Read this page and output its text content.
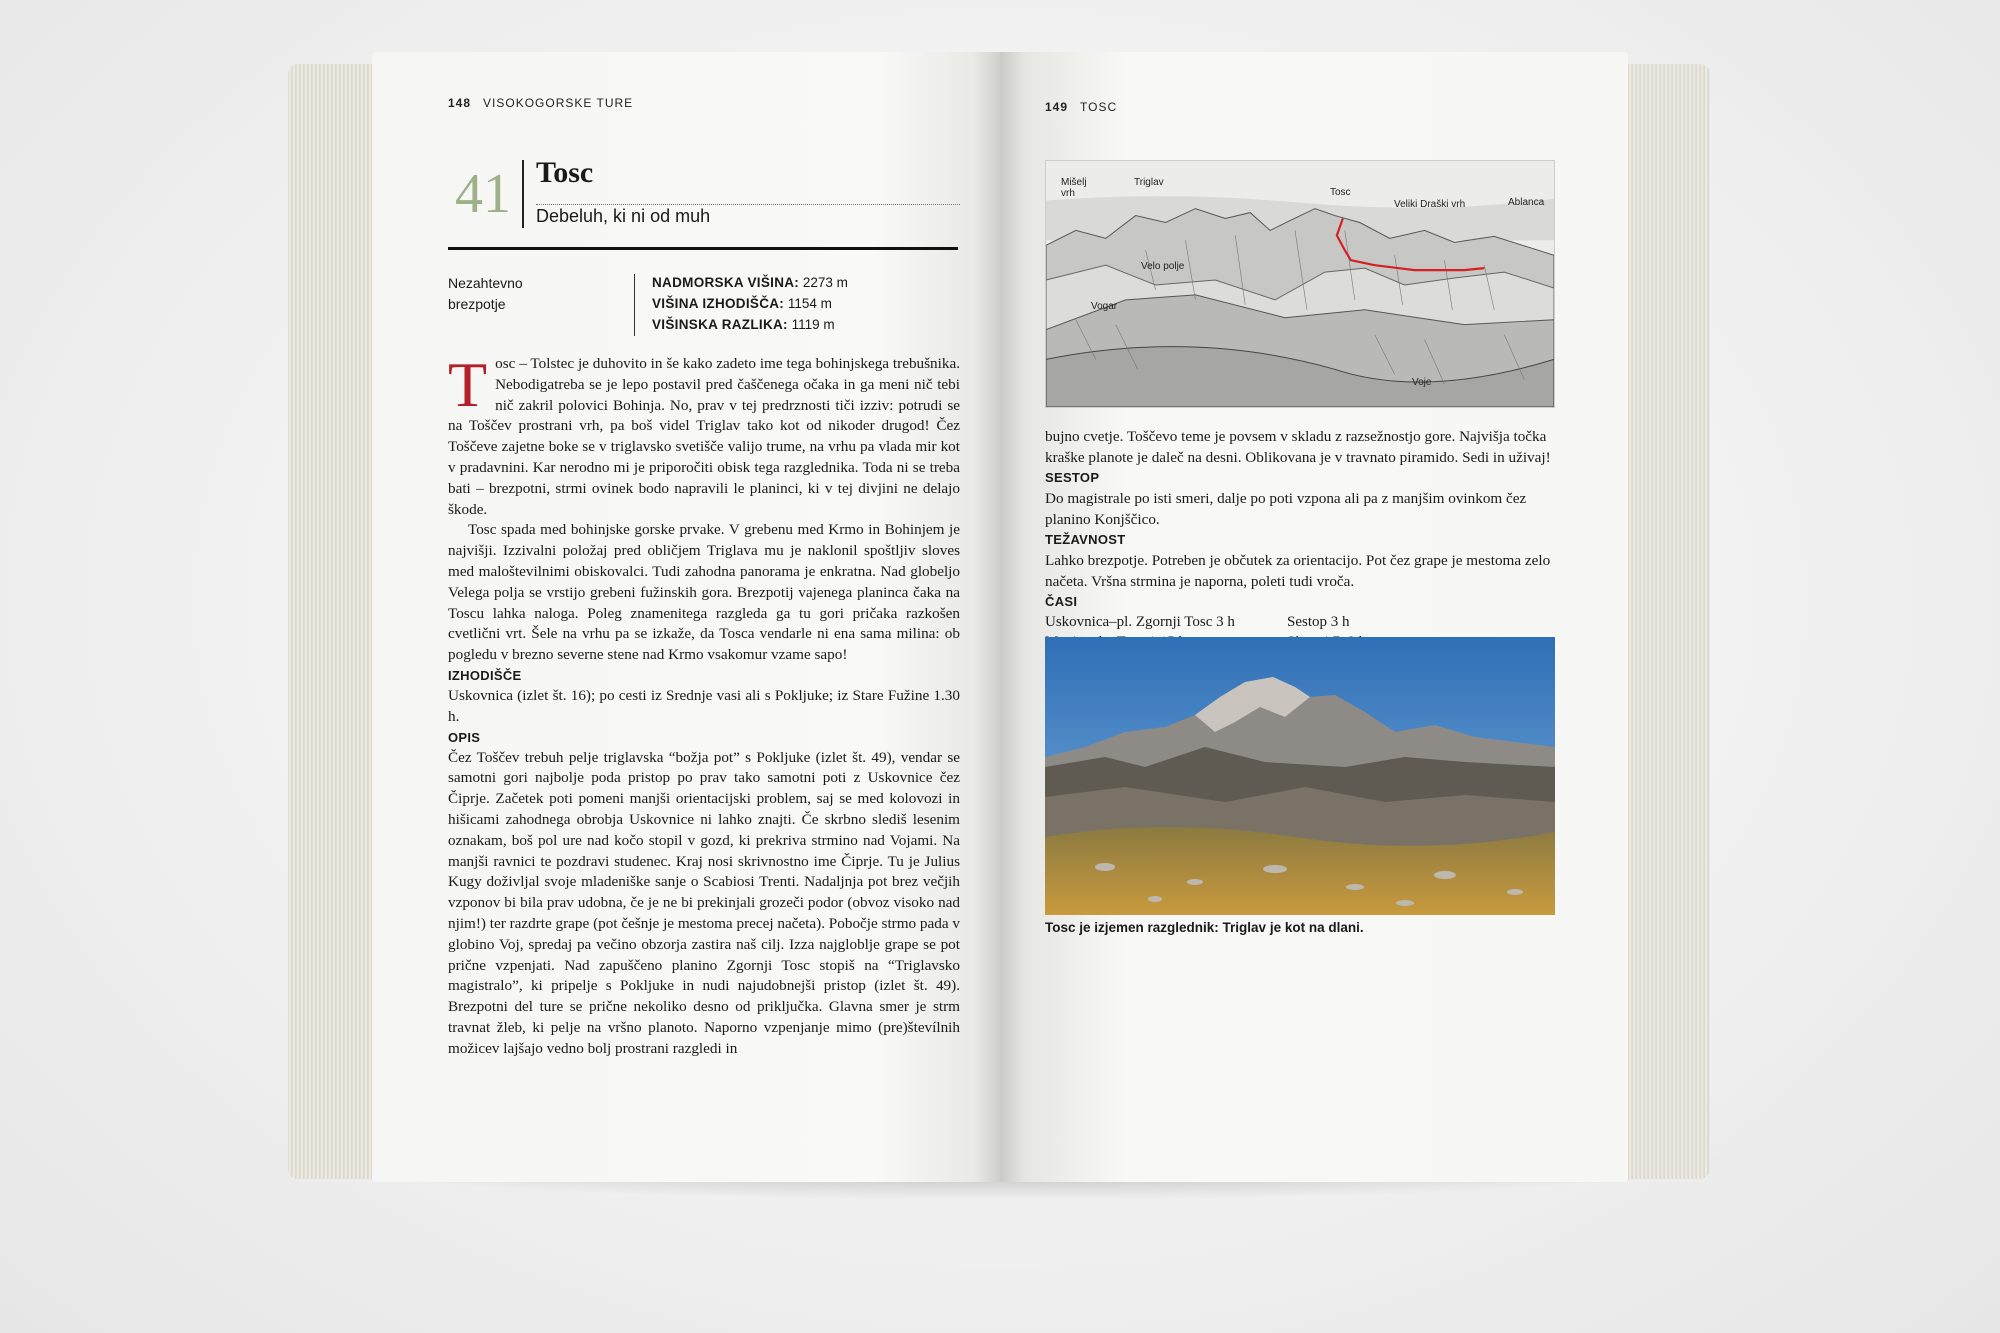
148 VISOKOGORSKE TURE
41 Tosc
Debeluh, ki ni od muh
Nezahtevno
brezpotje
NADMORSKA VIŠINA: 2273 m
VIŠINA IZHODIŠČA: 1154 m
VIŠINSKA RAZLIKA: 1119 m

Tosc – Tolstec je duhovito in še kako zadeto ime tega bohinjskega trebušnika. Nebodigatreba se je lepo postavil pred čaščenega očaka in ga meni nič tebi nič zakril polovici Bohinja. No, prav v tej predrznosti tiči izziv: potrudi se na Toščev prostrani vrh, pa boš videl Triglav tako kot od nikoder drugod! Čez Toščeve zajetne boke se v triglavsko svetišče valijo trume, na vrhu pa vlada mir kot v pradavnini. Kar nerodno mi je priporočiti obisk tega razglednika. Toda ni se treba bati – brezpotni, strmi ovinek bodo napravili le planinci, ki v tej divjini ne delajo škode.

Tosc spada med bohinjske gorske prvake. V grebenu med Krmo in Bohinjem je najvišji. Izzivalni položaj pred obličjem Triglava mu je naklonil spoštljiv sloves med maloštevilnimi obiskovalci. Tudi zahodna panorama je enkratna. Nad globeljo Velega polja se vrstijo grebeni fužinskih gora. Brezpotij vajenega planinca čaka na Toscu lahka naloga. Poleg znamenitega razgleda ga tu gori pričaka razkošen cvetlični vrt. Šele na vrhu pa se izkaže, da Tosca vendarle ni ena sama milina: ob pogledu v brezno severne stene nad Krmo vsakomur vzame sapo!

IZHODIŠČE

Uskovnica (izlet št. 16); po cesti iz Srednje vasi ali s Pokljuke; iz Stare Fužine 1.30 h.

OPIS

Čez Toščev trebuh pelje triglavska “božja pot” s Pokljuke (izlet št. 49), vendar se samotni gori najbolje poda pristop po prav tako samotni poti z Uskovnice čez Čiprje. Začetek poti pomeni manjši orientacijski problem, saj se med kolovozi in hišicami zahodnega obrobja Uskovnice ni lahko znajti. Če skrbno slediš lesenim oznakam, boš pol ure nad kočo stopil v gozd, ki prekriva strmino nad Vojami. Na manjši ravnici te pozdravi studenec. Kraj nosi skrivnostno ime Čiprje. Tu je Julius Kugy doživljal svoje mladeniške sanje o Scabiosi Trenti. Nadaljnja pot brez večjih vzponov bi bila prav udobna, če je ne bi prekinjali grozeči podor (obvoz visoko nad njim!) ter razdrte grape (pot češnje je mestoma precej načeta). Pobočje strmo pada v globino Voj, spredaj pa večino obzorja zastira naš cilj. Izza najgloblje grape se pot prične vzpenjati. Nad zapuščeno planino Zgornji Tosc stopiš na “Triglavsko magistralo”, ki pripelje s Pokljuke in nudi najudobnejši pristop (izlet št. 49). Brezpotni del ture se prične nekoliko desno od priključka. Glavna smer je strm travnat žleb, ki pelje na vršno planoto. Naporno vzpenjanje mimo (pre)števílnih možicev lajšajo vedno bolj prostrani razgledi in

149 TOSC
Mišelj vrh
Triglav
Tosc
Veliki Draški vrh	Ablanca
Velo polje
Vogar
Voje

bujno cvetje. Toščevo teme je povsem v skladu z razsežnostjo gore. Najvišja točka kraške planote je daleč na desni. Oblikovana je v travnato piramido. Sedi in uživaj!

SESTOP

Do magistrale po isti smeri, dalje po poti vzpona ali pa z manjšim ovinkom čez planino Konjščico.

TEŽAVNOST

Lahko brezpotje. Potreben je občutek za orientacijo. Pot čez grape je mestoma zelo načeta. Vršna strmina je naporna, poleti tudi vroča.

ČASI
Uskovnica–pl. Zgornji Tosc 3 h	Sestop 3 h
Tosc je izjemen razglednik: Triglav je kot na dlani.
